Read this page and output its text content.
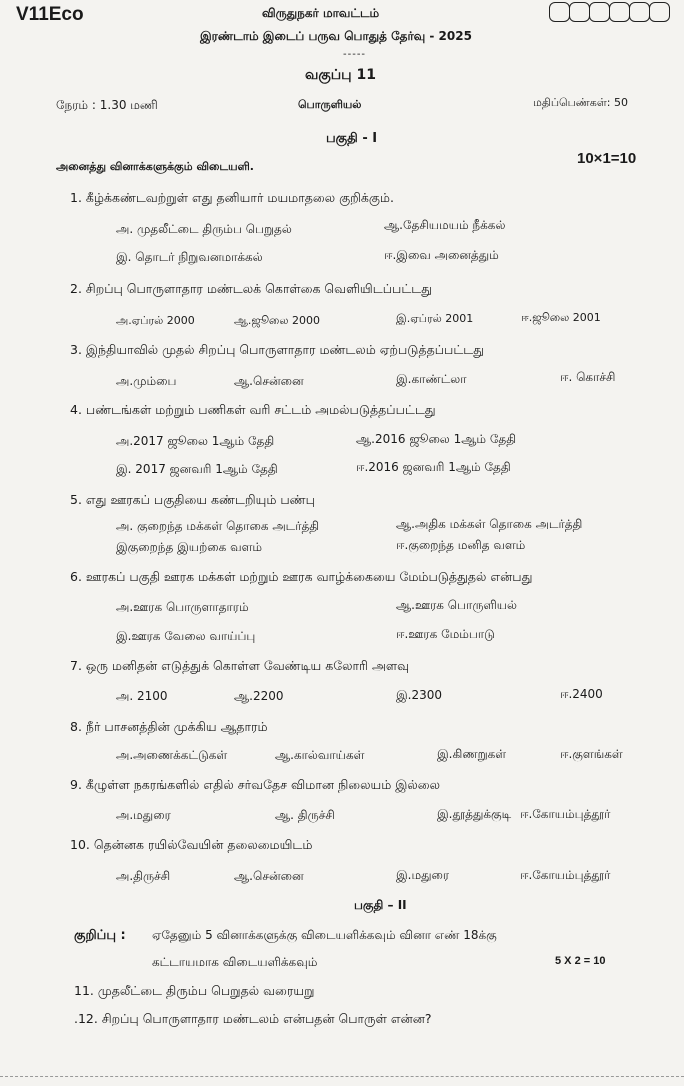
V11Eco	விருதுநகர் மாவட்டம்
இரண்டாம் இடைப் பருவ பொதுத் தேர்வு - 2025
-----
வகுப்பு 11
நேரம் : 1.30 மணி	பொருளியல்	மதிப்பெண்கள்: 50
பகுதி - I
அனைத்து வினாக்களுக்கும் விடையளி.	10×1=10
1. கீழ்க்கண்டவற்றுள் எது தனியார் மயமாதலை குறிக்கும்.
அ. முதலீட்டை திரும்ப பெறுதல்	ஆ.தேசியமயம் நீக்கல்
இ. தொடர் நிறுவனமாக்கல்	ஈ.இவை அனைத்தும்
2. சிறப்பு பொருளாதார மண்டலக் கொள்கை வெளியிடப்பட்டது
அ.ஏப்ரல் 2000	ஆ.ஜூலை 2000	இ.ஏப்ரல் 2001	ஈ.ஜூலை 2001
3. இந்தியாவில் முதல் சிறப்பு பொருளாதார மண்டலம் ஏற்படுத்தப்பட்டது
அ.மும்பை	ஆ.சென்னை	இ.காண்ட்லா	ஈ. கொச்சி
4. பண்டங்கள் மற்றும் பணிகள் வரி சட்டம் அமல்படுத்தப்பட்டது
அ.2017 ஜூலை 1ஆம் தேதி	ஆ.2016 ஜூலை 1ஆம் தேதி
இ. 2017 ஜனவரி 1ஆம் தேதி	ஈ.2016 ஜனவரி 1ஆம் தேதி
5. எது ஊரகப் பகுதியை கண்டறியும் பண்பு
அ. குறைந்த மக்கள் தொகை அடர்த்தி	ஆ.அதிக மக்கள் தொகை அடர்த்தி
இகுறைந்த இயற்கை வளம்	ஈ.குறைந்த மனித வளம்
6. ஊரகப் பகுதி ஊரக மக்கள் மற்றும் ஊரக வாழ்க்கையை மேம்படுத்துதல் என்பது
அ.ஊரக பொருளாதாரம்	ஆ.ஊரக பொருளியல்
இ.ஊரக வேலை வாய்ப்பு	ஈ.ஊரக மேம்பாடு
7. ஒரு மனிதன் எடுத்துக் கொள்ள வேண்டிய கலோரி அளவு
அ. 2100	ஆ.2200	இ.2300	ஈ.2400
8. நீர் பாசனத்தின் முக்கிய ஆதாரம்
அ.அணைக்கட்டுகள்	ஆ.கால்வாய்கள்	இ.கிணறுகள்	ஈ.குளங்கள்
9. கீழுள்ள நகரங்களில் எதில் சர்வதேச விமான நிலையம் இல்லை
அ.மதுரை	ஆ. திருச்சி	இ.தூத்துக்குடி ஈ.கோயம்புத்தூர்
10. தென்னக ரயில்வேயின் தலைமையிடம்
அ.திருச்சி	ஆ.சென்னை	இ.மதுரை	ஈ.கோயம்புத்தூர்
பகுதி – II
குறிப்பு : ஏதேனும் 5 வினாக்களுக்கு விடையளிக்கவும் வினா எண் 18க்கு
கட்டாயமாக விடையளிக்கவும்	5 X 2 = 10
11. முதலீட்டை திரும்ப பெறுதல் வரையறு
.12. சிறப்பு பொருளாதார மண்டலம் என்பதன் பொருள் என்ன?
